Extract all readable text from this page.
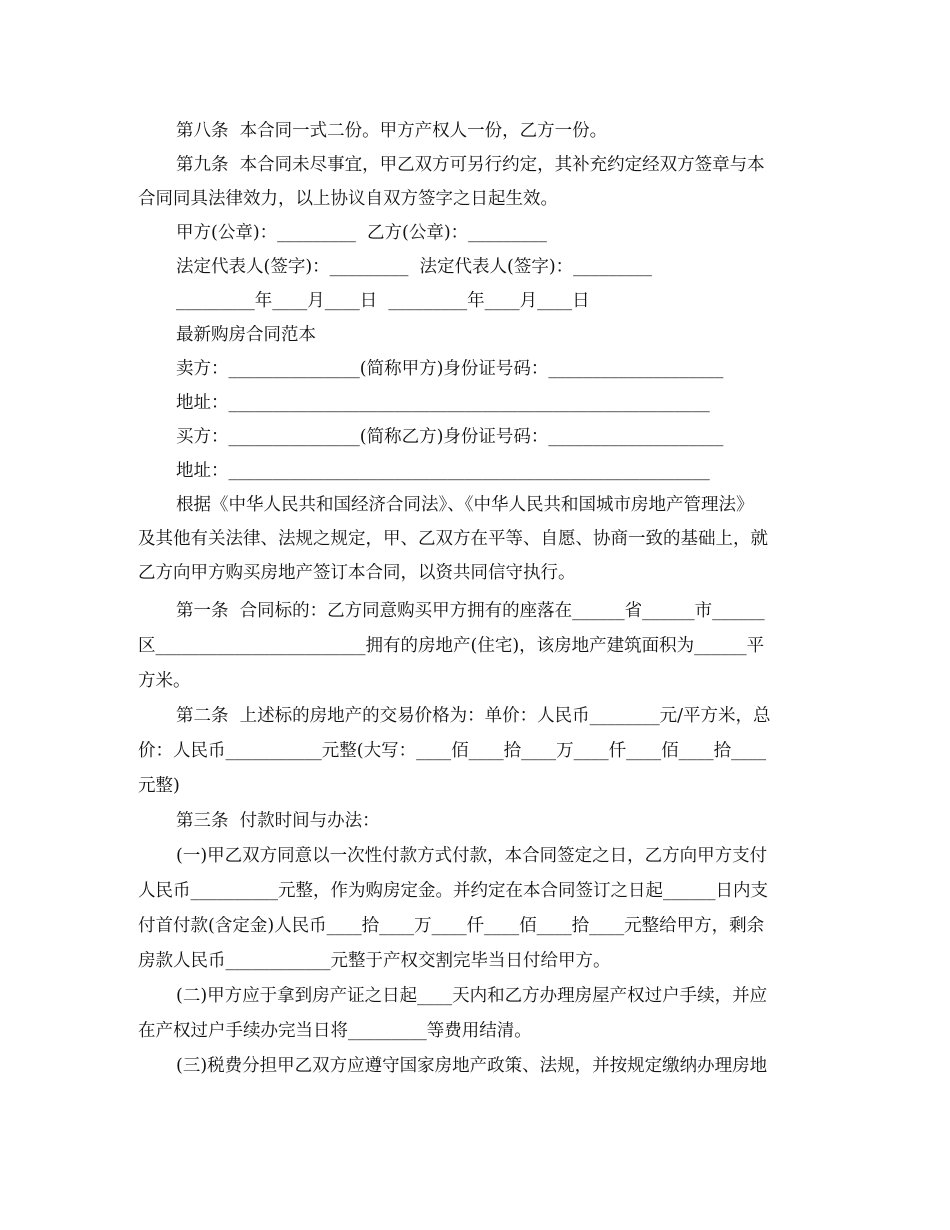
第八条  本合同一式二份。甲方产权人一份，乙方一份。

第九条  本合同未尽事宜，甲乙双方可另行约定，其补充约定经双方签章与本

合同同具法律效力，以上协议自双方签字之日起生效。

甲方(公章)：_________  乙方(公章)：_________

法定代表人(签字)：_________  法定代表人(签字)：_________

_________年____月____日  _________年____月____日

最新购房合同范本

卖方：_______________(简称甲方)身份证号码：____________________

地址：_______________________________________________________

买方：_______________(简称乙方)身份证号码：____________________

地址：_______________________________________________________

根据《中华人民共和国经济合同法》、《中华人民共和国城市房地产管理法》

及其他有关法律、法规之规定，甲、乙双方在平等、自愿、协商一致的基础上，就

乙方向甲方购买房地产签订本合同，以资共同信守执行。

第一条  合同标的：乙方同意购买甲方拥有的座落在______省______市______

区________________________拥有的房地产(住宅)，该房地产建筑面积为______平

方米。

第二条  上述标的房地产的交易价格为：单价：人民币________元/平方米，总

价：人民币___________元整(大写：____佰____拾____万____仟____佰____拾____

元整)

第三条  付款时间与办法：

(一)甲乙双方同意以一次性付款方式付款，本合同签定之日，乙方向甲方支付

人民币__________元整，作为购房定金。并约定在本合同签订之日起______日内支

付首付款(含定金)人民币____拾____万____仟____佰____拾____元整给甲方，剩余

房款人民币____________元整于产权交割完毕当日付给甲方。

(二)甲方应于拿到房产证之日起____天内和乙方办理房屋产权过户手续，并应

在产权过户手续办完当日将_________等费用结清。

(三)税费分担甲乙双方应遵守国家房地产政策、法规，并按规定缴纳办理房地
